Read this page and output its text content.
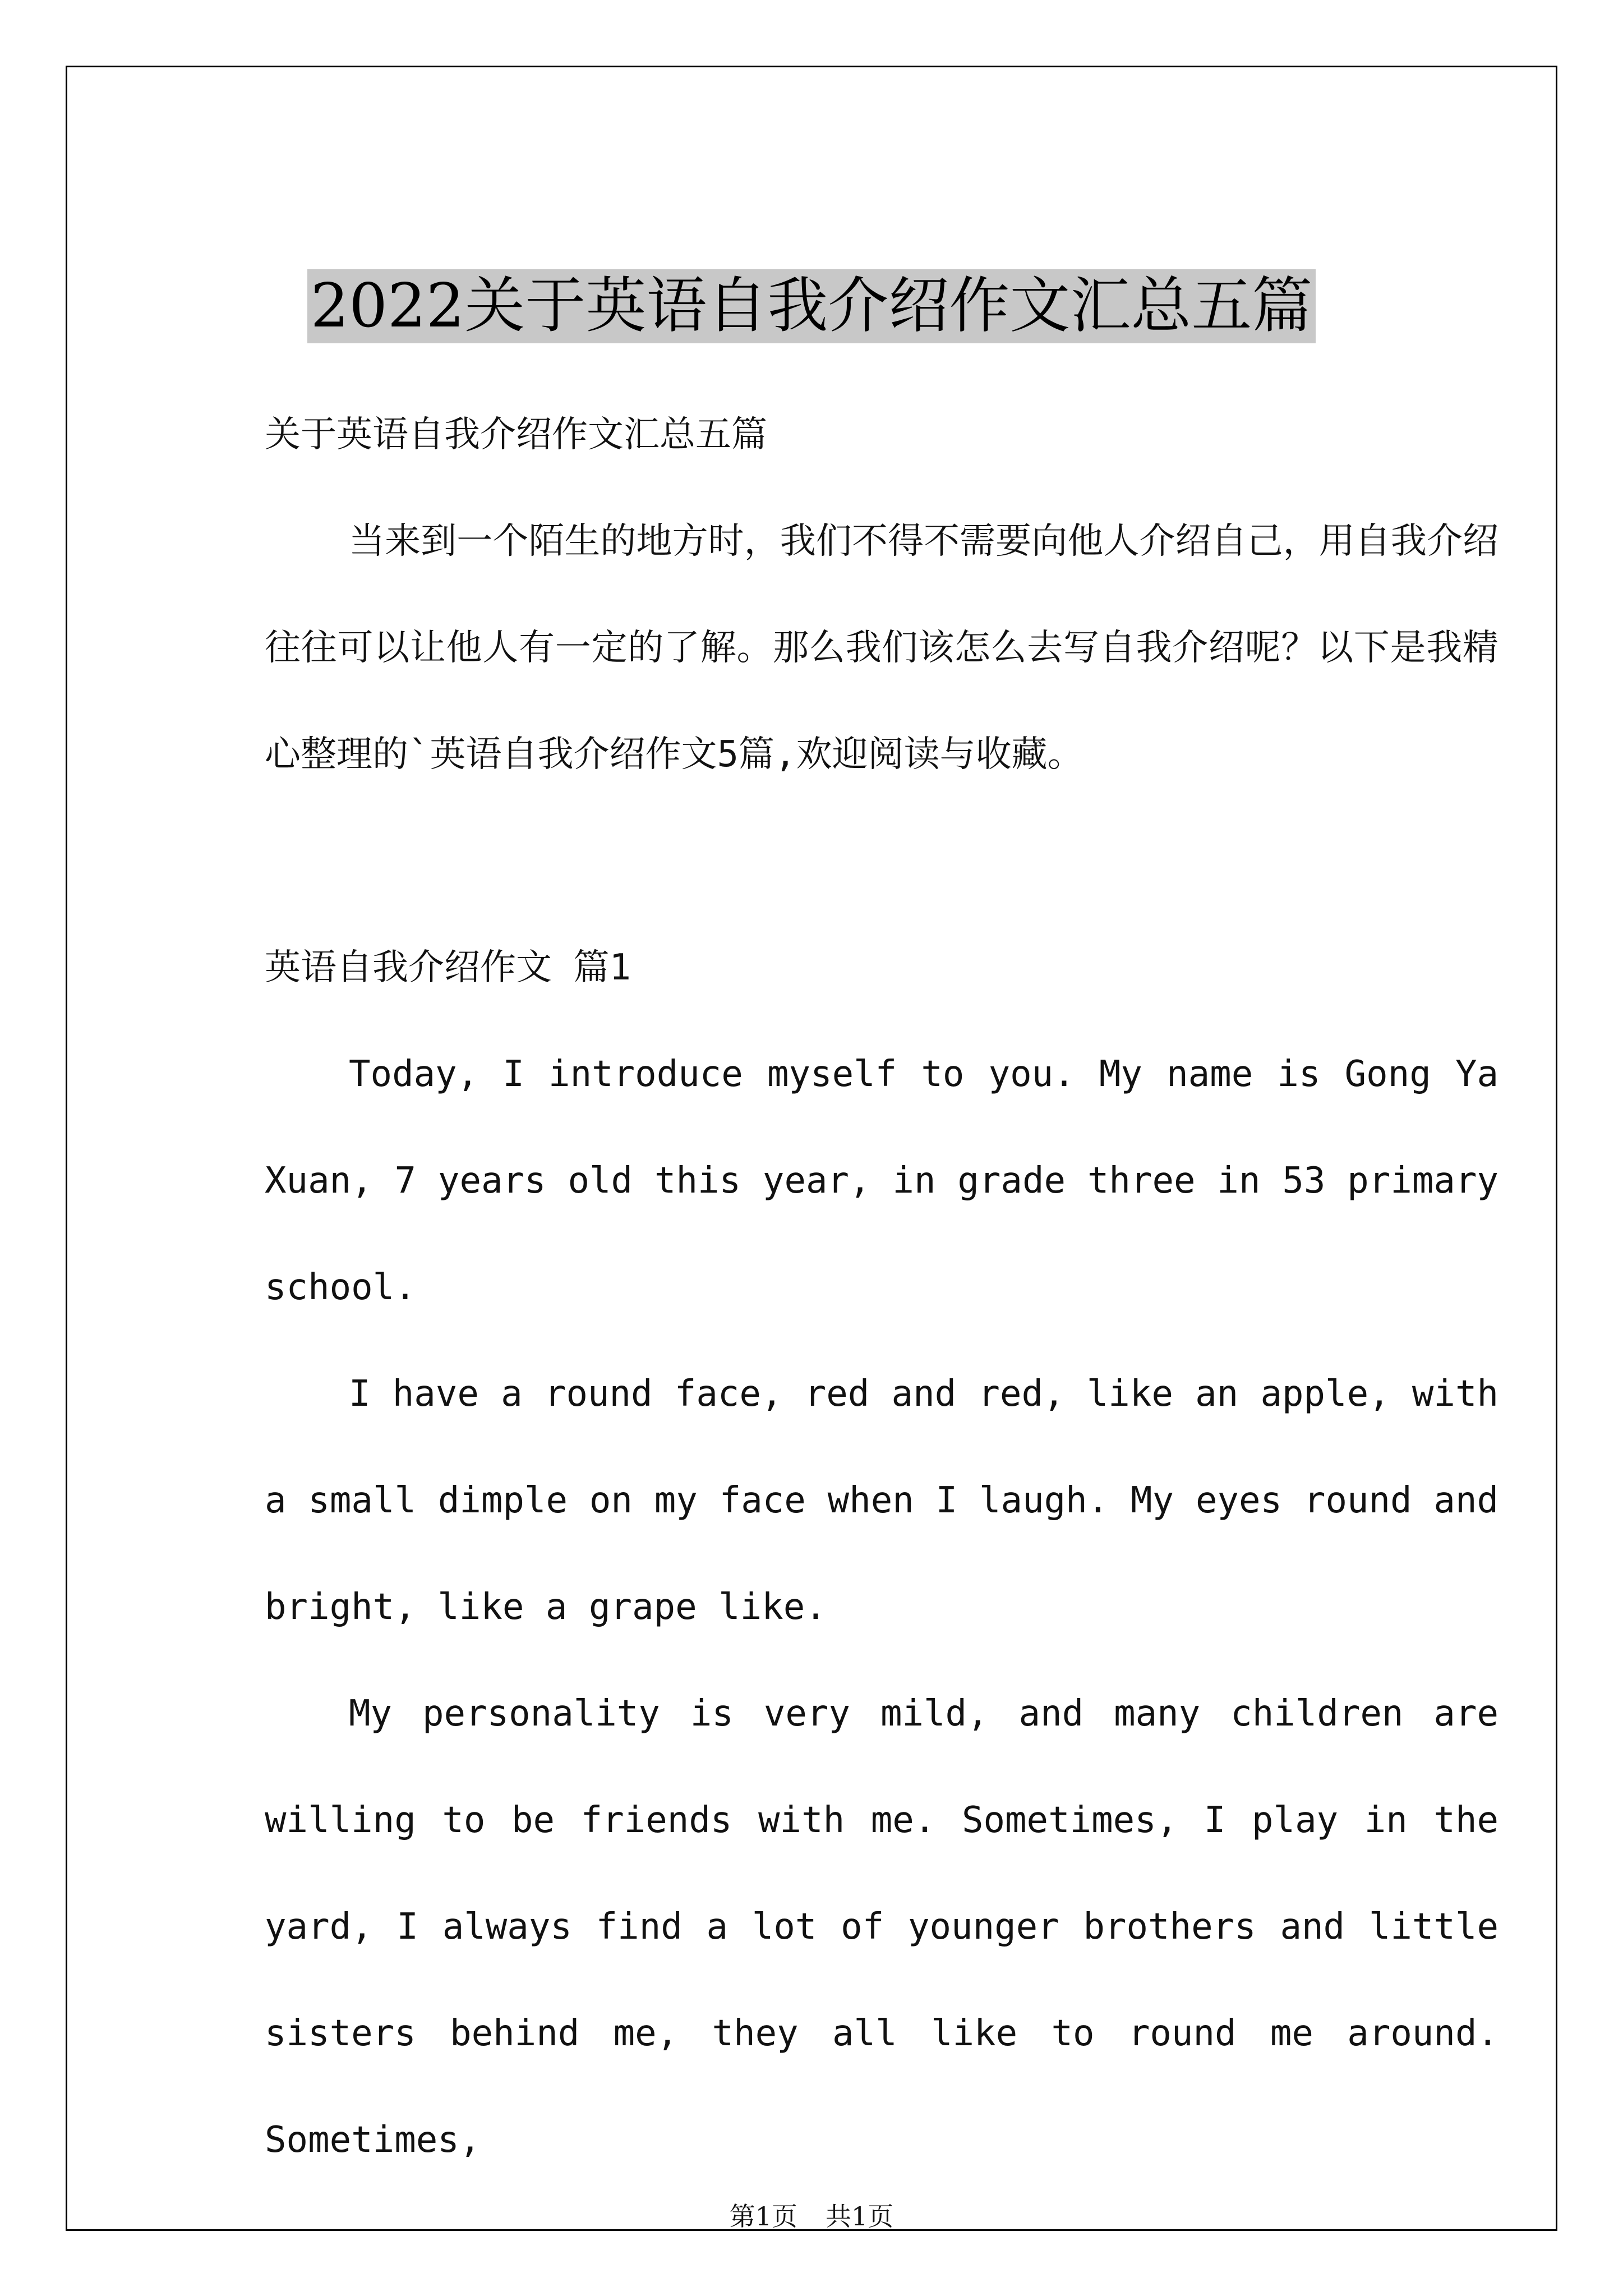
2022关于英语自我介绍作文汇总五篇

关于英语自我介绍作文汇总五篇

当来到一个陌生的地方时，我们不得不需要向他人介绍自己，用自我介绍往往可以让他人有一定的了解。那么我们该怎么去写自我介绍呢？以下是我精心整理的`英语自我介绍作文5篇,欢迎阅读与收藏。

英语自我介绍作文 篇1

Today, I introduce myself to you. My name is Gong Ya Xuan, 7 years old this year, in grade three in 53 primary school.

I have a round face, red and red, like an apple, with a small dimple on my face when I laugh. My eyes round and bright, like a grape like.

My personality is very mild, and many children are willing to be friends with me. Sometimes, I play in the yard, I always find a lot of younger brothers and little sisters behind me, they all like to round me around. Sometimes,

第1页 共1页
